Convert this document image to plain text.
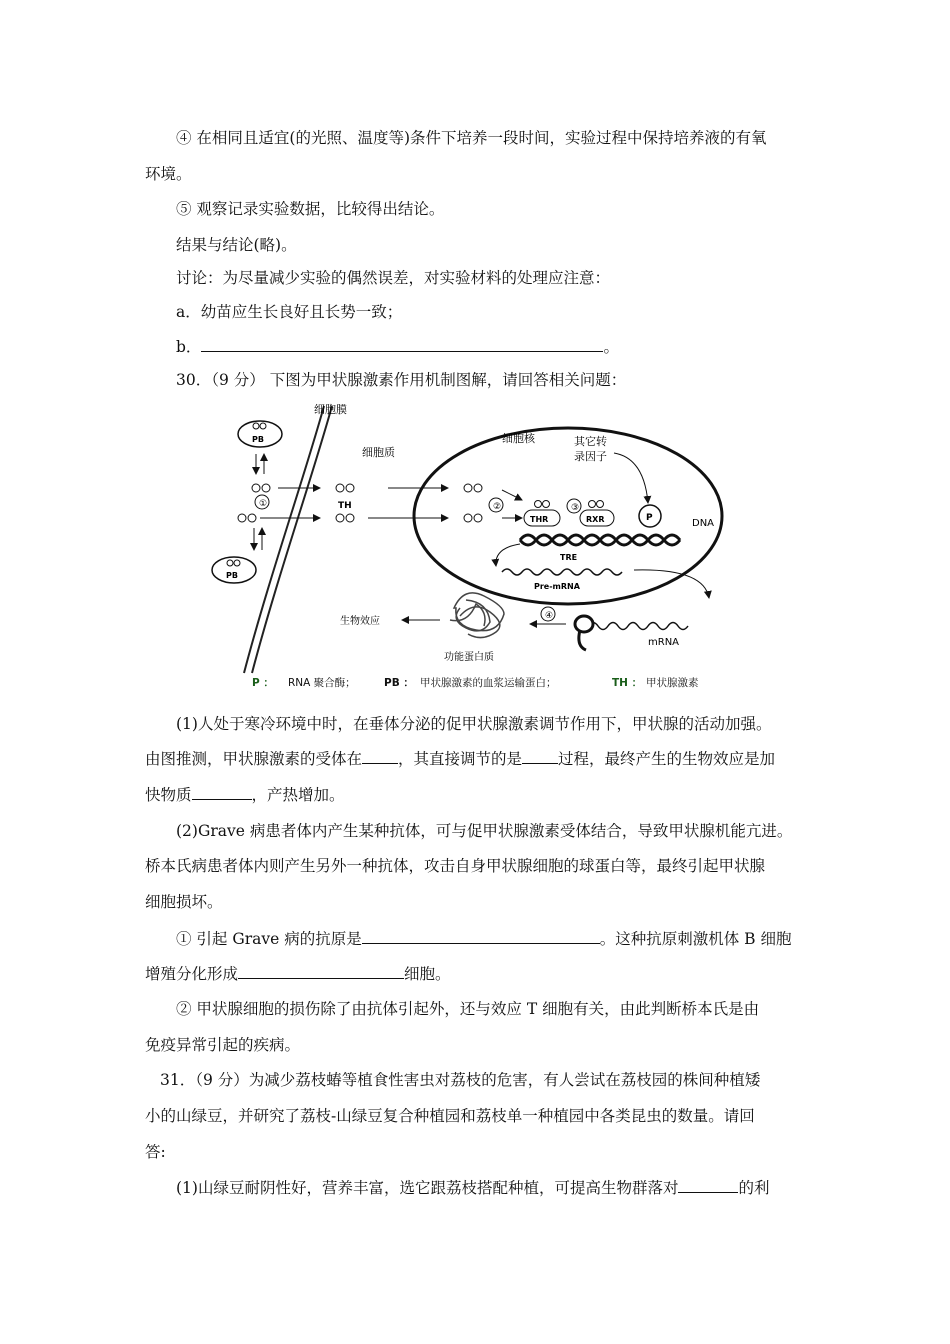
④ 在相同且适宜(的光照、温度等)条件下培养一段时间，实验过程中保持培养液的有氧
环境。
⑤ 观察记录实验数据，比较得出结论。
结果与结论(略)。
讨论：为尽量减少实验的偶然误差，对实验材料的处理应注意：
a．幼苗应生长良好且长势一致；
b．	。
30．（9 分） 下图为甲状腺激素作用机制图解，请回答相关问题：
细胞膜
细胞质
PB
①
PB
TH
细胞核	其它转
录因子
②	③
THR	RXR	P	DNA
TRE
Pre-mRNA
mRNA
④
功能蛋白质
生物效应
P ： RNA 聚合酶；	PB ： 甲状腺激素的血浆运输蛋白；	TH ： 甲状腺激素
(1)人处于寒冷环境中时，在垂体分泌的促甲状腺激素调节作用下，甲状腺的活动加强。
由图推测，甲状腺激素的受体在 ，其直接调节的是 过程，最终产生的生物效应是加
快物质	，产热增加。
(2)Grave 病患者体内产生某种抗体，可与促甲状腺激素受体结合，导致甲状腺机能亢进。
桥本氏病患者体内则产生另外一种抗体，攻击自身甲状腺细胞的球蛋白等，最终引起甲状腺
细胞损坏。
① 引起 Grave 病的抗原是	。这种抗原刺激机体 B 细胞
增殖分化形成	细胞。
② 甲状腺细胞的损伤除了由抗体引起外，还与效应 T 细胞有关，由此判断桥本氏是由
免疫异常引起的疾病。
31．（9 分）为减少荔枝蝽等植食性害虫对荔枝的危害，有人尝试在荔枝园的株间种植矮
小的山绿豆，并研究了荔枝-山绿豆复合种植园和荔枝单一种植园中各类昆虫的数量。请回
答:
(1)山绿豆耐阴性好，营养丰富，选它跟荔枝搭配种植，可提高生物群落对	的利
